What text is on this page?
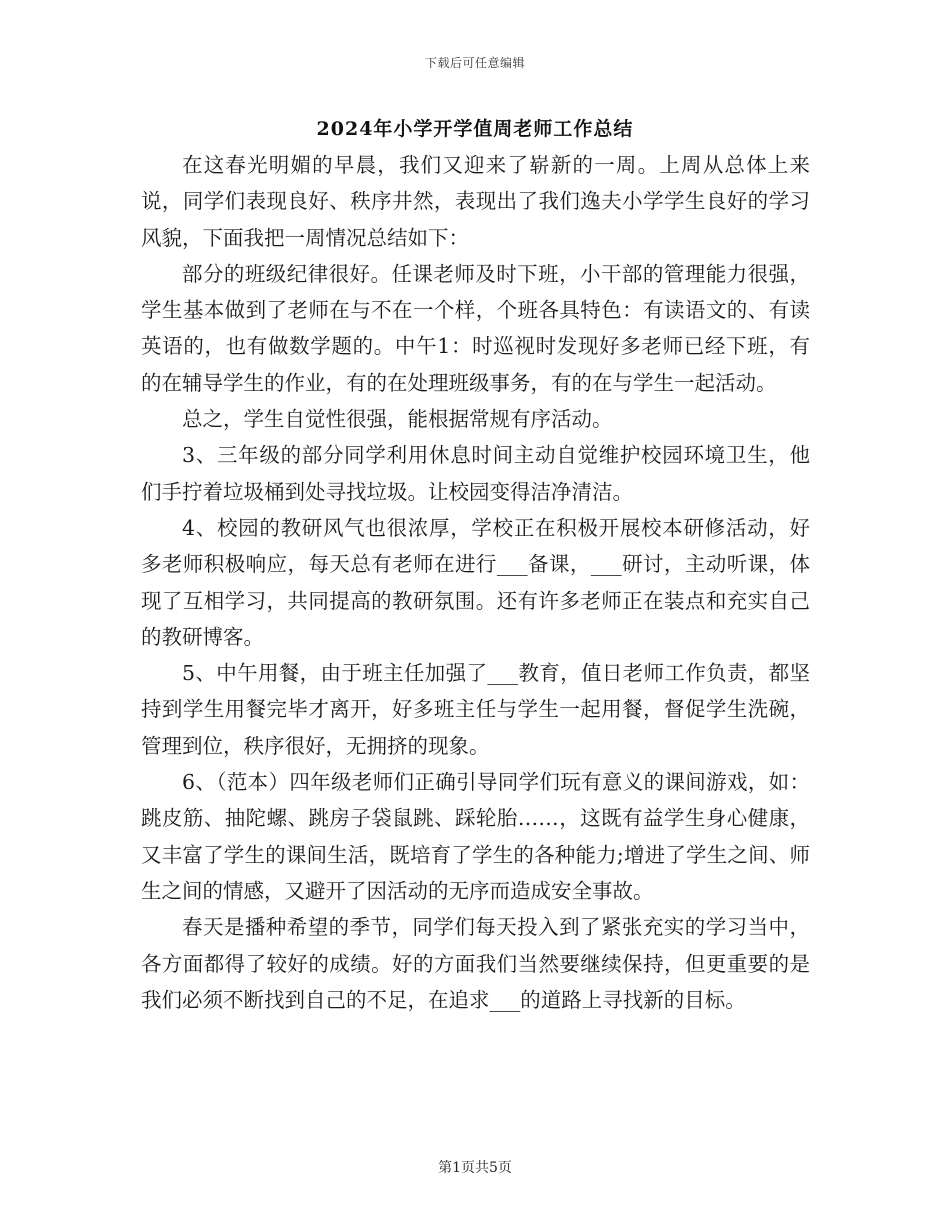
下载后可任意编辑
2024年小学开学值周老师工作总结

在这春光明媚的早晨，我们又迎来了崭新的一周。上周从总体上来说，同学们表现良好、秩序井然，表现出了我们逸夫小学学生良好的学习风貌，下面我把一周情况总结如下：

部分的班级纪律很好。任课老师及时下班，小干部的管理能力很强，学生基本做到了老师在与不在一个样，个班各具特色：有读语文的、有读英语的，也有做数学题的。中午1：时巡视时发现好多老师已经下班，有的在辅导学生的作业，有的在处理班级事务，有的在与学生一起活动。

总之，学生自觉性很强，能根据常规有序活动。

3、三年级的部分同学利用休息时间主动自觉维护校园环境卫生，他们手拧着垃圾桶到处寻找垃圾。让校园变得洁净清洁。

4、校园的教研风气也很浓厚，学校正在积极开展校本研修活动，好多老师积极响应，每天总有老师在进行___备课，___研讨，主动听课，体现了互相学习，共同提高的教研氛围。还有许多老师正在装点和充实自己的教研博客。

5、中午用餐，由于班主任加强了___教育，值日老师工作负责，都坚持到学生用餐完毕才离开，好多班主任与学生一起用餐，督促学生洗碗，管理到位，秩序很好，无拥挤的现象。

6、（范本）四年级老师们正确引导同学们玩有意义的课间游戏，如：跳皮筋、抽陀螺、跳房子袋鼠跳、踩轮胎……，这既有益学生身心健康，又丰富了学生的课间生活，既培育了学生的各种能力;增进了学生之间、师生之间的情感，又避开了因活动的无序而造成安全事故。

春天是播种希望的季节，同学们每天投入到了紧张充实的学习当中，各方面都得了较好的成绩。好的方面我们当然要继续保持，但更重要的是我们必须不断找到自己的不足，在追求___的道路上寻找新的目标。

第1页共5页
